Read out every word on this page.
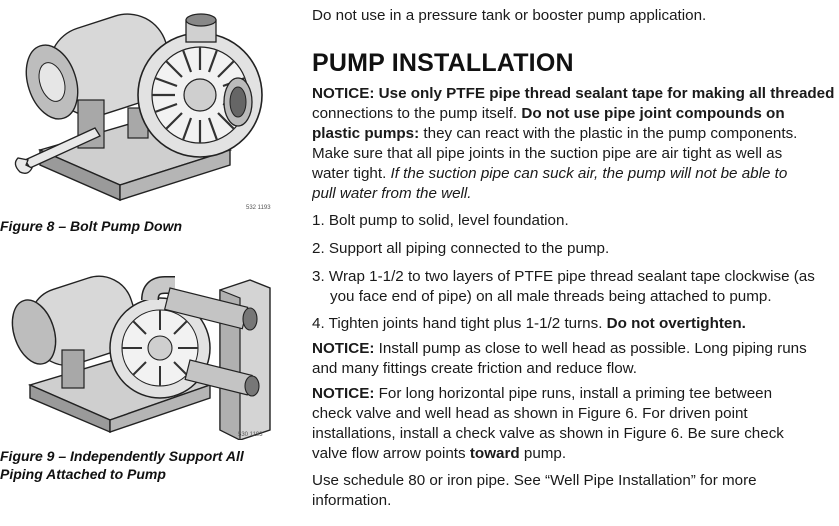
532 1193
Figure 8 – Bolt Pump Down
530 1193
Figure 9 – Independently Support All
Piping Attached to Pump
Do not use in a pressure tank or booster pump application.
PUMP INSTALLATION
NOTICE: Use only PTFE pipe thread sealant tape for making all threaded
connections to the pump itself. Do not use pipe joint compounds on
plastic pumps: they can react with the plastic in the pump components.
Make sure that all pipe joints in the suction pipe are air tight as well as
water tight. If the suction pipe can suck air, the pump will not be able to
pull water from the well.
1. Bolt pump to solid, level foundation.
2. Support all piping connected to the pump.
3. Wrap 1-1/2 to two layers of PTFE pipe thread sealant tape clockwise (as
you face end of pipe) on all male threads being attached to pump.
4. Tighten joints hand tight plus 1-1/2 turns. Do not overtighten.
NOTICE: Install pump as close to well head as possible. Long piping runs
and many fittings create friction and reduce flow.
NOTICE: For long horizontal pipe runs, install a priming tee between
check valve and well head as shown in Figure 6. For driven point
installations, install a check valve as shown in Figure 6. Be sure check
valve flow arrow points toward pump.
Use schedule 80 or iron pipe. See “Well Pipe Installation” for more
information.
